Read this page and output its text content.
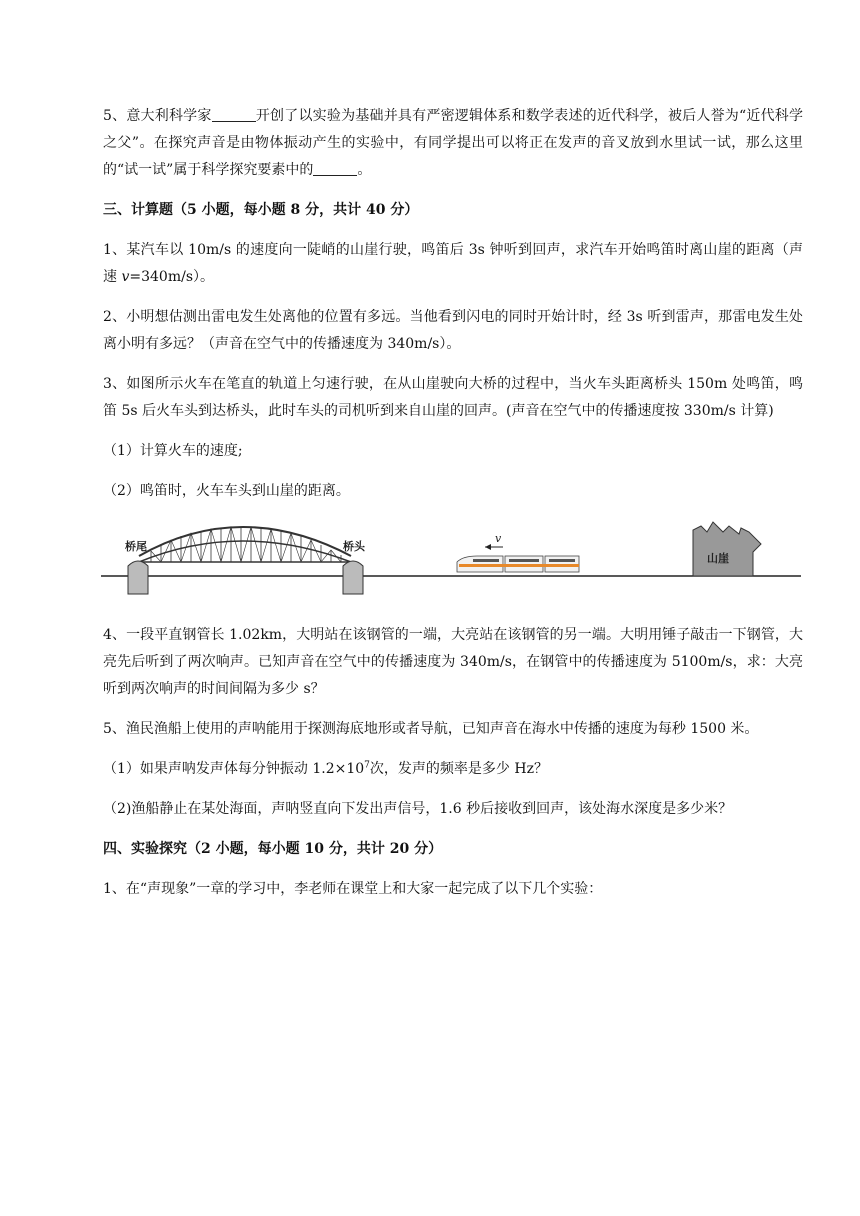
5、意大利科学家	开创了以实验为基础并具有严密逻辑体系和数学表述的近代科学，被后人誉为“近代科学之父”。在探究声音是由物体振动产生的实验中，有同学提出可以将正在发声的音叉放到水里试一试，那么这里的“试一试”属于科学探究要素中的	。

三、计算题（5 小题，每小题 8 分，共计 40 分）

1、某汽车以 10m/s 的速度向一陡峭的山崖行驶，鸣笛后 3s 钟听到回声，求汽车开始鸣笛时离山崖的距离（声速 v=340m/s）。

2、小明想估测出雷电发生处离他的位置有多远。当他看到闪电的同时开始计时，经 3s 听到雷声，那雷电发生处离小明有多远？（声音在空气中的传播速度为 340m/s）。

3、如图所示火车在笔直的轨道上匀速行驶，在从山崖驶向大桥的过程中，当火车头距离桥头 150m 处鸣笛，鸣笛 5s 后火车头到达桥头，此时车头的司机听到来自山崖的回声。(声音在空气中的传播速度按 330m/s 计算)

（1）计算火车的速度;

（2）鸣笛时，火车车头到山崖的距离。

桥尾	桥头
v
山崖

4、一段平直钢管长 1.02km，大明站在该钢管的一端，大亮站在该钢管的另一端。大明用锤子敲击一下钢管，大亮先后听到了两次响声。已知声音在空气中的传播速度为 340m/s，在钢管中的传播速度为 5100m/s，求：大亮听到两次响声的时间间隔为多少 s？

5、渔民渔船上使用的声呐能用于探测海底地形或者导航，已知声音在海水中传播的速度为每秒 1500 米。

（1）如果声呐发声体每分钟振动 $1.2\times 10^7$次，发声的频率是多少 Hz？

（2)渔船静止在某处海面，声呐竖直向下发出声信号，1.6 秒后接收到回声，该处海水深度是多少米？

四、实验探究（2 小题，每小题 10 分，共计 20 分）

1、在“声现象”一章的学习中，李老师在课堂上和大家一起完成了以下几个实验：
